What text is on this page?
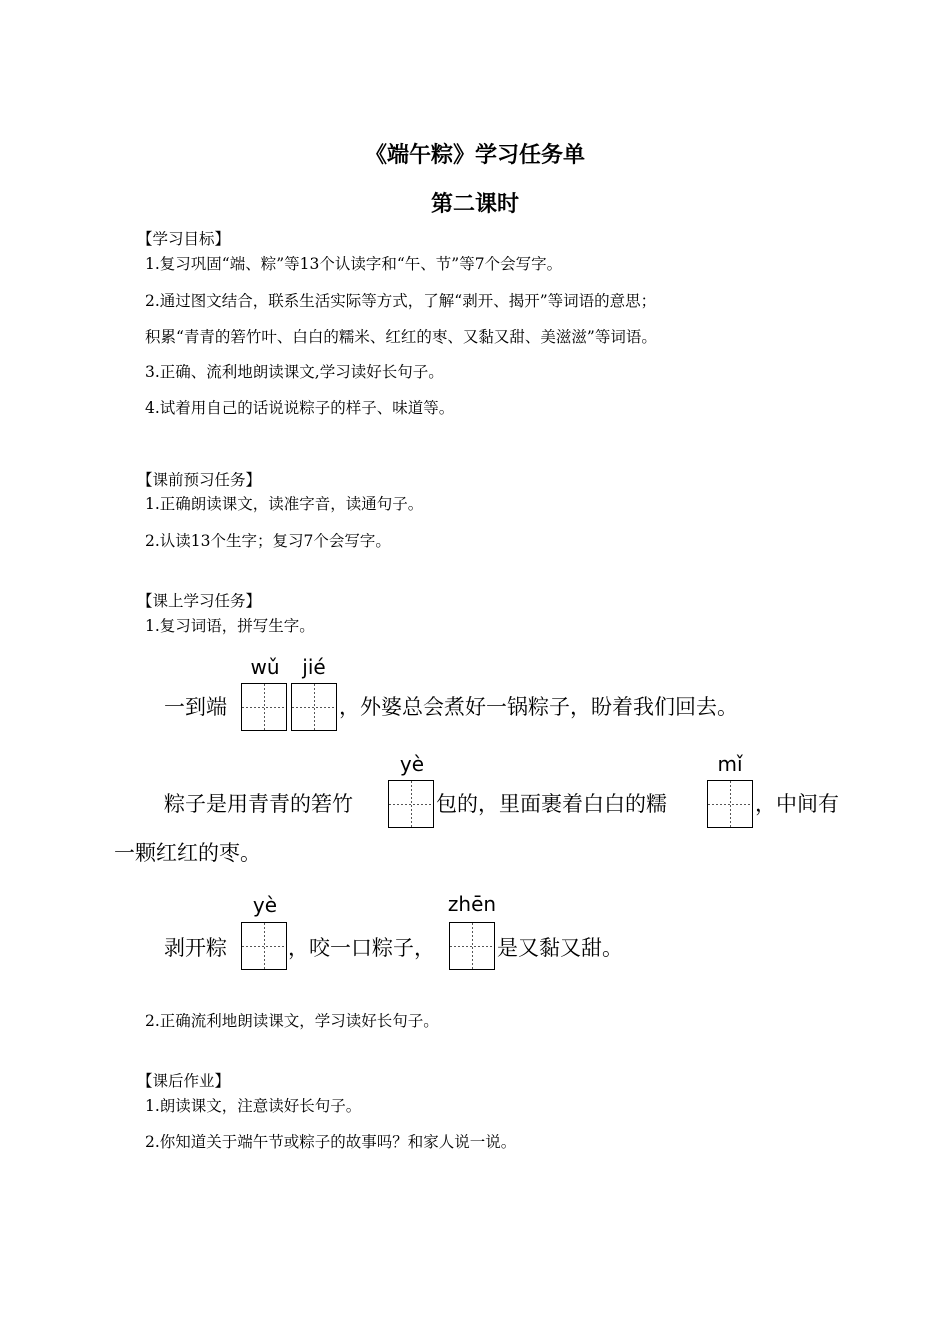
《端午粽》学习任务单
第二课时
【学习目标】
1.复习巩固“端、粽”等13个认读字和“午、节”等7个会写字。
2.通过图文结合，联系生活实际等方式，了解“剥开、揭开”等词语的意思；
积累“青青的箬竹叶、白白的糯米、红红的枣、又黏又甜、美滋滋”等词语。
3.正确、流利地朗读课文,学习读好长句子。
4.试着用自己的话说说粽子的样子、味道等。
【课前预习任务】
1.正确朗读课文，读准字音，读通句子。
2.认读13个生字；复习7个会写字。
【课上学习任务】
1.复习词语，拼写生字。
wǔ	jié
一到端	，外婆总会煮好一锅粽子，盼着我们回去。
yè	mǐ
粽子是用青青的箬竹	包的，里面裹着白白的糯	，中间有
一颗红红的枣。
yè	zhēn
剥开粽	，咬一口粽子，	是又黏又甜。
2.正确流利地朗读课文，学习读好长句子。
【课后作业】
1.朗读课文，注意读好长句子。
2.你知道关于端午节或粽子的故事吗？和家人说一说。
